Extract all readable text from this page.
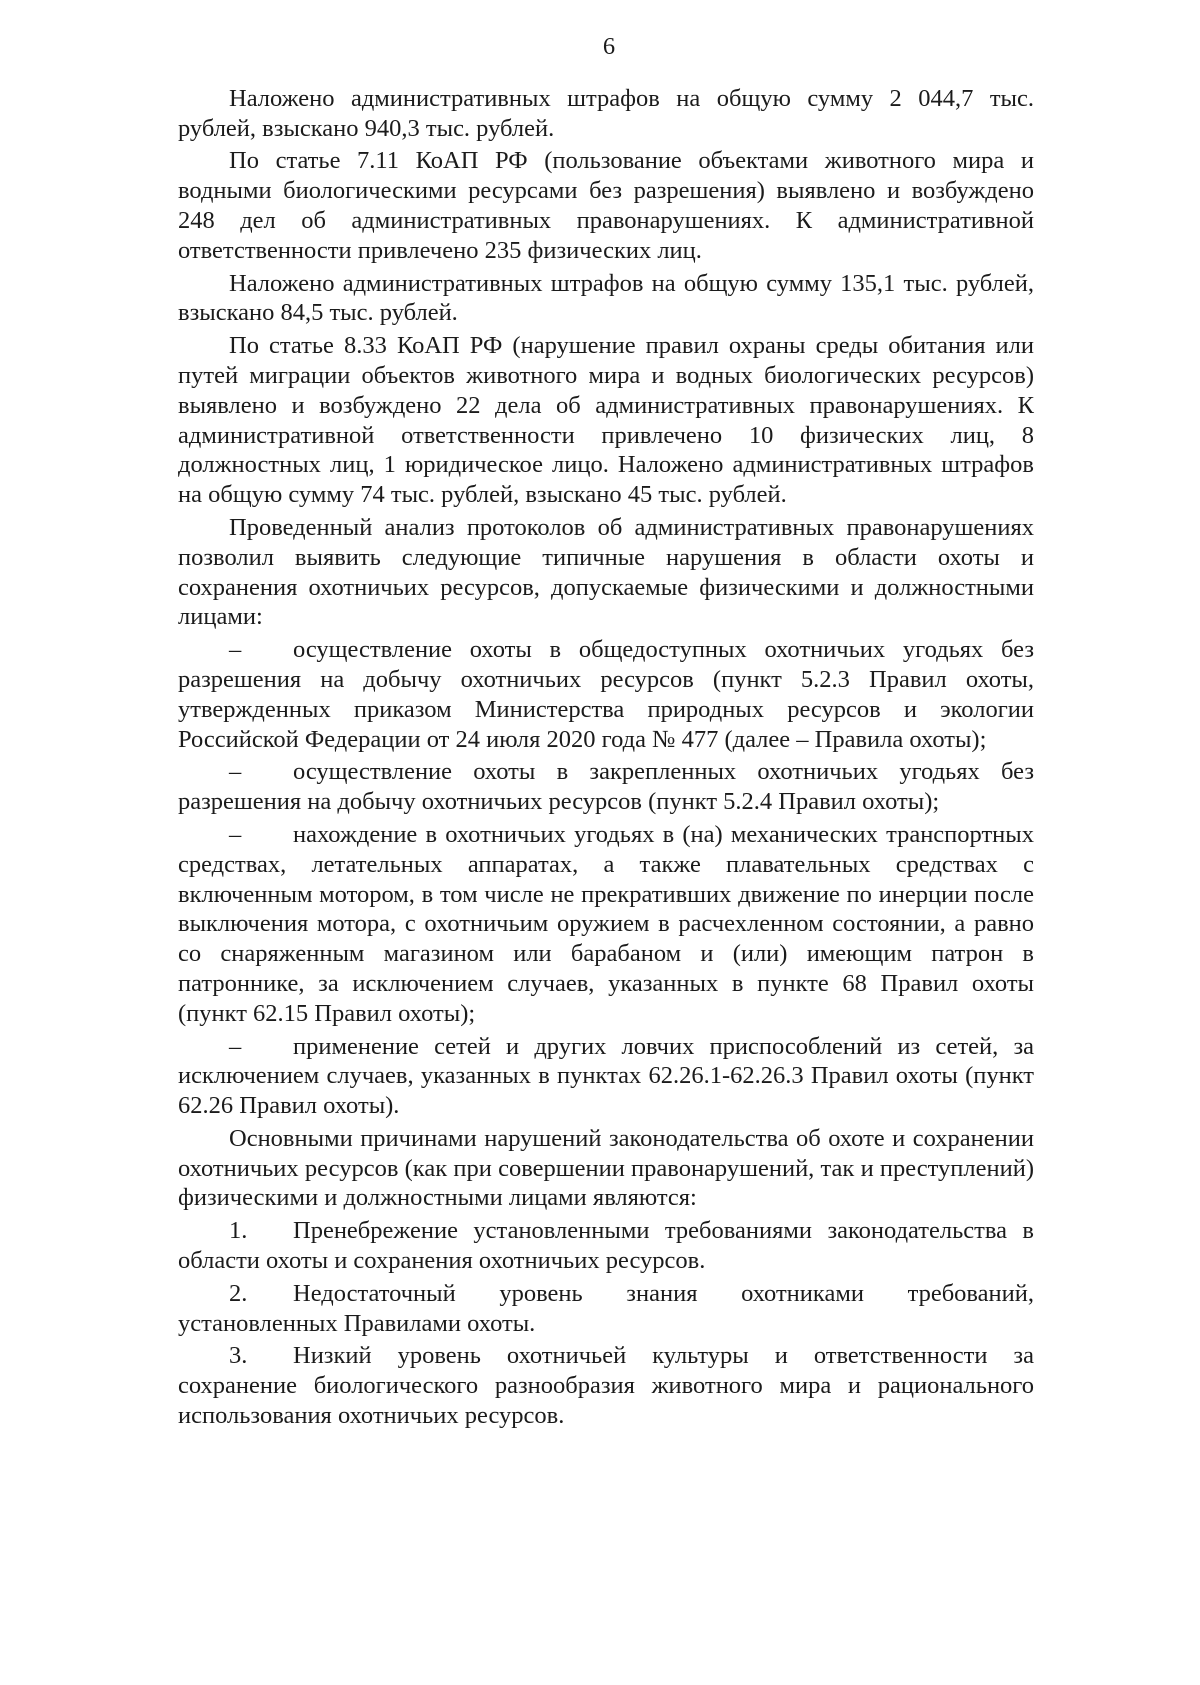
6

Наложено административных штрафов на общую сумму 2 044,7 тыс. рублей, взыскано 940,3 тыс. рублей.

По статье 7.11 КоАП РФ (пользование объектами животного мира и водными биологическими ресурсами без разрешения) выявлено и возбуждено 248 дел об административных правонарушениях. К административной ответственности привлечено 235 физических лиц.

Наложено административных штрафов на общую сумму 135,1 тыс. рублей, взыскано 84,5 тыс. рублей.

По статье 8.33 КоАП РФ (нарушение правил охраны среды обитания или путей миграции объектов животного мира и водных биологических ресурсов) выявлено и возбуждено 22 дела об административных правонарушениях. К административной ответственности привлечено 10 физических лиц, 8 должностных лиц, 1 юридическое лицо. Наложено административных штрафов на общую сумму 74 тыс. рублей, взыскано 45 тыс. рублей.

Проведенный анализ протоколов об административных правонарушениях позволил выявить следующие типичные нарушения в области охоты и сохранения охотничьих ресурсов, допускаемые физическими и должностными лицами:

– осуществление охоты в общедоступных охотничьих угодьях без разрешения на добычу охотничьих ресурсов (пункт 5.2.3 Правил охоты, утвержденных приказом Министерства природных ресурсов и экологии Российской Федерации от 24 июля 2020 года № 477 (далее – Правила охоты);

– осуществление охоты в закрепленных охотничьих угодьях без разрешения на добычу охотничьих ресурсов (пункт 5.2.4 Правил охоты);

– нахождение в охотничьих угодьях в (на) механических транспортных средствах, летательных аппаратах, а также плавательных средствах с включенным мотором, в том числе не прекративших движение по инерции после выключения мотора, с охотничьим оружием в расчехленном состоянии, а равно со снаряженным магазином или барабаном и (или) имеющим патрон в патроннике, за исключением случаев, указанных в пункте 68 Правил охоты (пункт 62.15 Правил охоты);

– применение сетей и других ловчих приспособлений из сетей, за исключением случаев, указанных в пунктах 62.26.1-62.26.3 Правил охоты (пункт 62.26 Правил охоты).

Основными причинами нарушений законодательства об охоте и сохранении охотничьих ресурсов (как при совершении правонарушений, так и преступлений) физическими и должностными лицами являются:

1. Пренебрежение установленными требованиями законодательства в области охоты и сохранения охотничьих ресурсов.

2. Недостаточный уровень знания охотниками требований, установленных Правилами охоты.

3. Низкий уровень охотничьей культуры и ответственности за сохранение биологического разнообразия животного мира и рационального использования охотничьих ресурсов.
